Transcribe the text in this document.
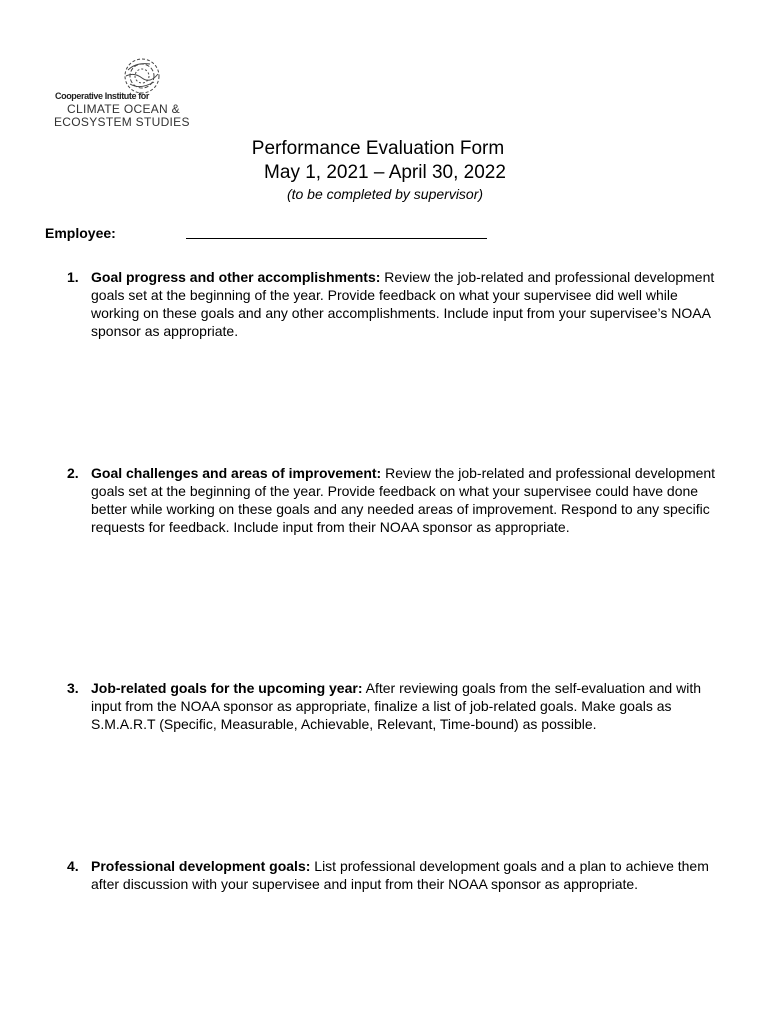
Cooperative Institute for
CLIMATE OCEAN &
ECOSYSTEM STUDIES
Performance Evaluation Form
May 1, 2021 – April 30, 2022
(to be completed by supervisor)
Employee:
1. Goal progress and other accomplishments: Review the job-related and professional development goals set at the beginning of the year. Provide feedback on what your supervisee did well while working on these goals and any other accomplishments. Include input from your supervisee’s NOAA sponsor as appropriate.
2. Goal challenges and areas of improvement: Review the job-related and professional development goals set at the beginning of the year. Provide feedback on what your supervisee could have done better while working on these goals and any needed areas of improvement. Respond to any specific requests for feedback. Include input from their NOAA sponsor as appropriate.
3. Job-related goals for the upcoming year: After reviewing goals from the self-evaluation and with input from the NOAA sponsor as appropriate, finalize a list of job-related goals. Make goals as S.M.A.R.T (Specific, Measurable, Achievable, Relevant, Time-bound) as possible.
4. Professional development goals: List professional development goals and a plan to achieve them after discussion with your supervisee and input from their NOAA sponsor as appropriate.
